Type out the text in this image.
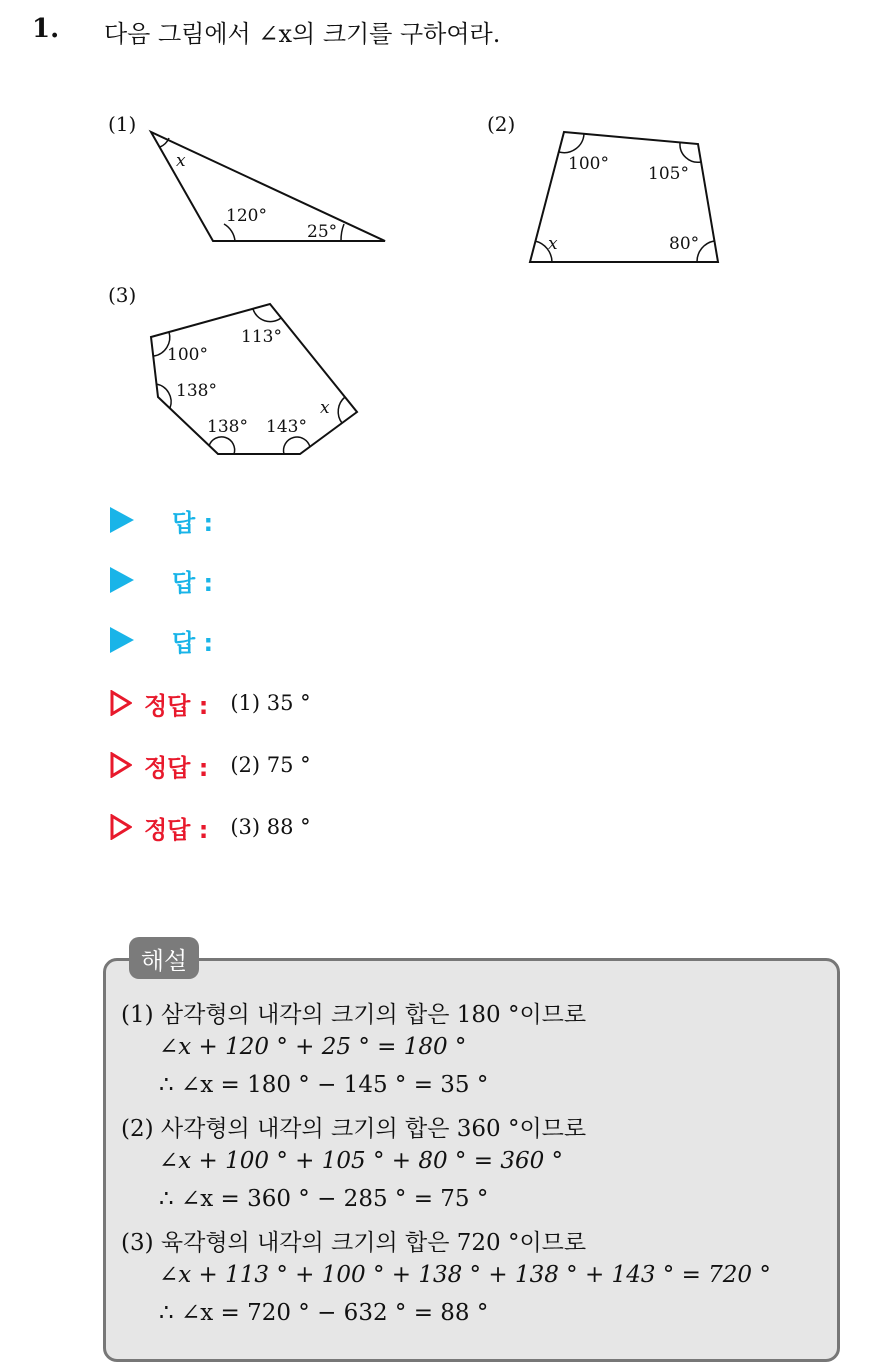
1. 다음 그림에서 ∠x의 크기를 구하여라.
(1)	(2)
(3)
x
120°
25°
100° 105°
x	80°
113°
100°
138°
138° 143°
x
답 :
답 :
답 :
정답 : (1) 35 °
정답 : (2) 75 °
정답 : (3) 88 °
해설
(1) 삼각형의 내각의 크기의 합은 180 °이므로
∠x + 120 ° + 25 ° = 180 °
∴ ∠x = 180 ° − 145 ° = 35 °
(2) 사각형의 내각의 크기의 합은 360 °이므로
∠x + 100 ° + 105 ° + 80 ° = 360 °
∴ ∠x = 360 ° − 285 ° = 75 °
(3) 육각형의 내각의 크기의 합은 720 °이므로
∠x + 113 ° + 100 ° + 138 ° + 138 ° + 143 ° = 720 °
∴ ∠x = 720 ° − 632 ° = 88 °
